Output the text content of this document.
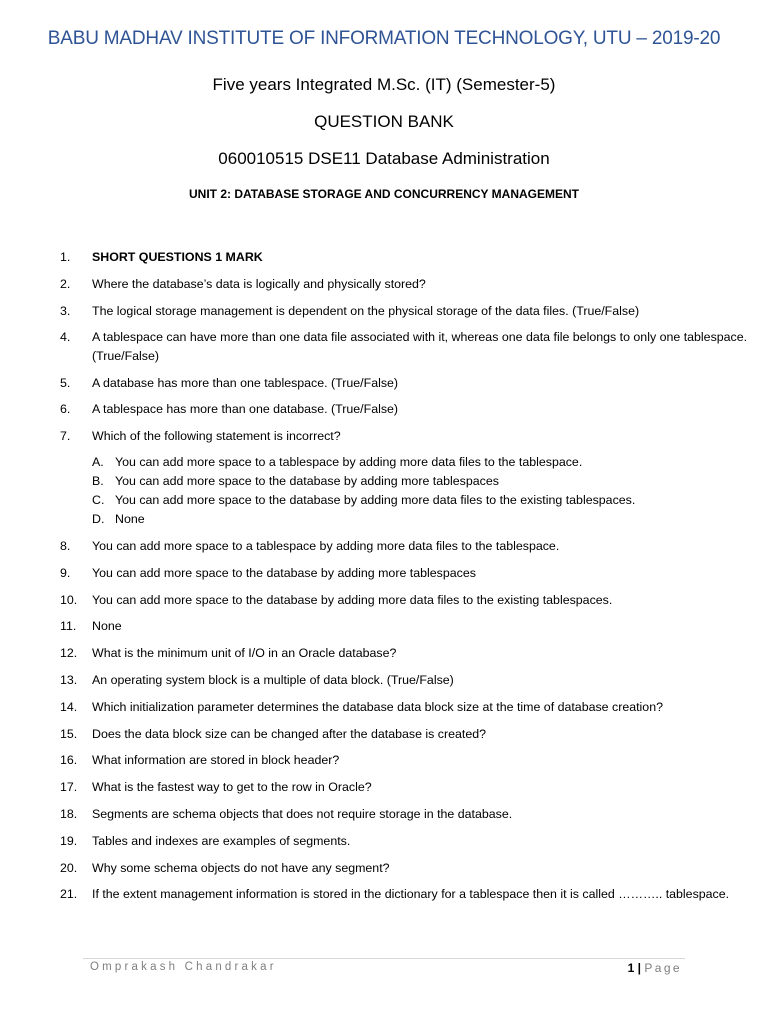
BABU MADHAV INSTITUTE OF INFORMATION TECHNOLOGY, UTU – 2019-20
Five years Integrated M.Sc. (IT) (Semester-5)
QUESTION BANK
060010515 DSE11 Database Administration
UNIT 2: DATABASE STORAGE AND CONCURRENCY MANAGEMENT
1.	SHORT QUESTIONS 1 MARK
2.	Where the database’s data is logically and physically stored?
3.	The logical storage management is dependent on the physical storage of the data files. (True/False)
4.	A tablespace can have more than one data file associated with it, whereas one data file belongs to only one tablespace. (True/False)
5.	A database has more than one tablespace. (True/False)
6.	A tablespace has more than one database. (True/False)
7.	Which of the following statement is incorrect?
A. You can add more space to a tablespace by adding more data files to the tablespace.
B. You can add more space to the database by adding more tablespaces
C. You can add more space to the database by adding more data files to the existing tablespaces.
D. None
8.	You can add more space to a tablespace by adding more data files to the tablespace.
9.	You can add more space to the database by adding more tablespaces
10.	You can add more space to the database by adding more data files to the existing tablespaces.
11.	None
12.	What is the minimum unit of I/O in an Oracle database?
13.	An operating system block is a multiple of data block. (True/False)
14.	Which initialization parameter determines the database data block size at the time of database creation?
15.	Does the data block size can be changed after the database is created?
16.	What information are stored in block header?
17.	What is the fastest way to get to the row in Oracle?
18.	Segments are schema objects that does not require storage in the database.
19.	Tables and indexes are examples of segments.
20.	Why some schema objects do not have any segment?
21.	If the extent management information is stored in the dictionary for a tablespace then it is called ……….. tablespace.
Omprakash Chandrakar	1 | Page
